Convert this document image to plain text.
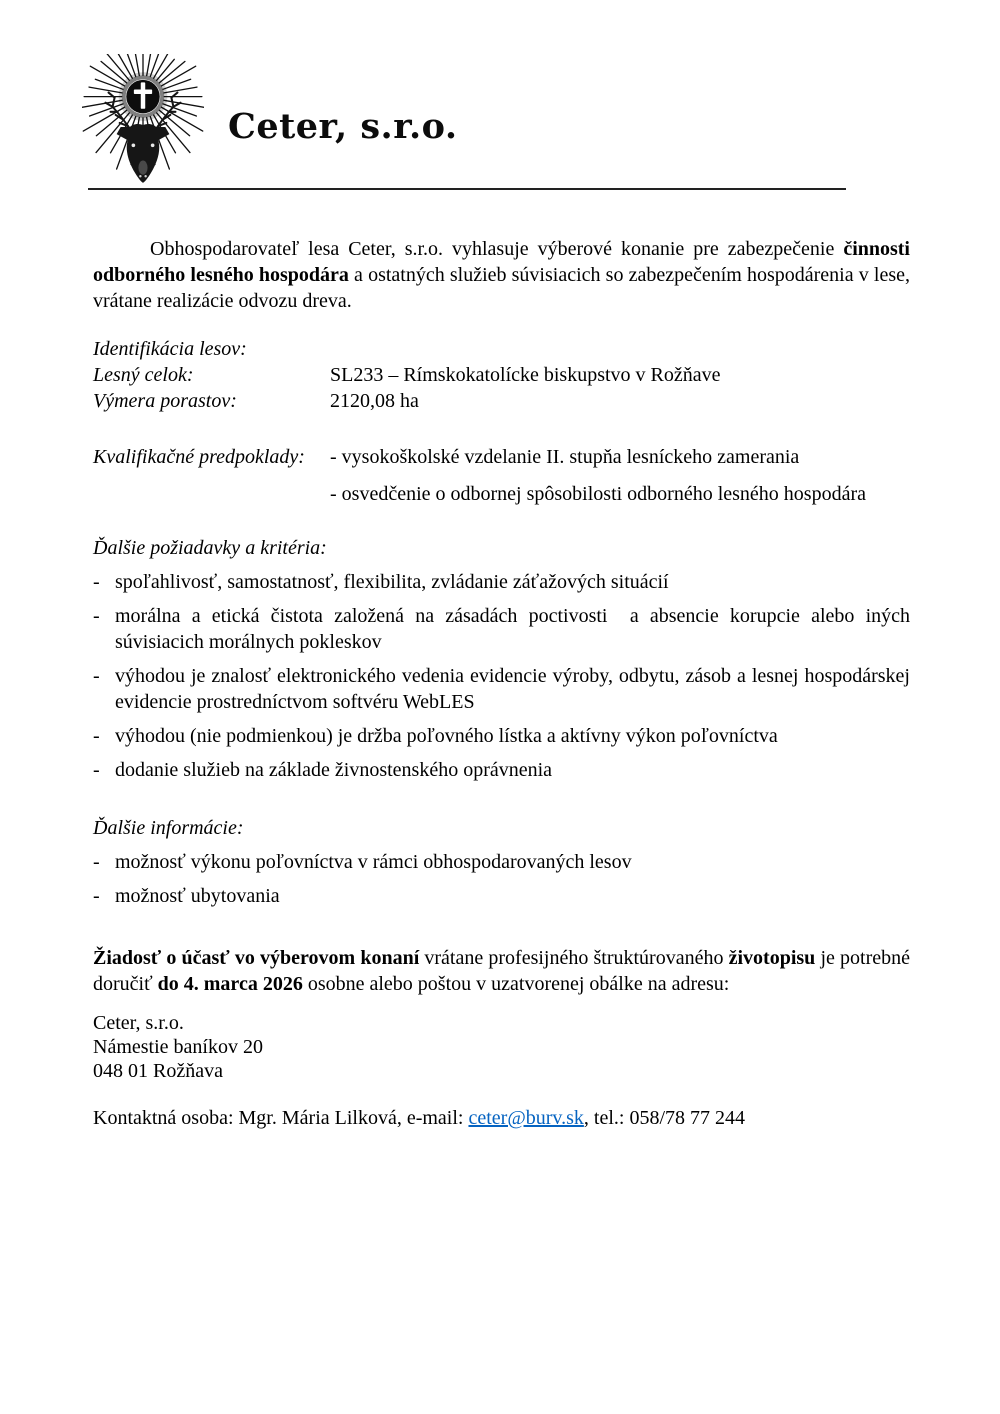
Ceter, s.r.o.

Obhospodarovateľ lesa Ceter, s.r.o. vyhlasuje výberové konanie pre zabezpečenie činnosti odborného lesného hospodára a ostatných služieb súvisiacich so zabezpečením hospodárenia v lese, vrátane realizácie odvozu dreva.

Identifikácia lesov:

Lesný celok:	SL233 – Rímskokatolícke biskupstvo v Rožňave
Výmera porastov:	2120,08 ha
Kvalifikačné predpoklady:	- vysokoškolské vzdelanie II. stupňa lesníckeho zamerania
- osvedčenie o odbornej spôsobilosti odborného lesného hospodára

Ďalšie požiadavky a kritéria:

- spoľahlivosť, samostatnosť, flexibilita, zvládanie záťažových situácií
- morálna a etická čistota založená na zásadách poctivosti  a absencie korupcie alebo iných súvisiacich morálnych pokleskov
- výhodou je znalosť elektronického vedenia evidencie výroby, odbytu, zásob a lesnej hospodárskej evidencie prostredníctvom softvéru WebLES
- výhodou (nie podmienkou) je držba poľovného lístka a aktívny výkon poľovníctva
- dodanie služieb na základe živnostenského oprávnenia

Ďalšie informácie:

- možnosť výkonu poľovníctva v rámci obhospodarovaných lesov
- možnosť ubytovania

Žiadosť o účasť vo výberovom konaní vrátane profesijného štruktúrovaného životopisu je potrebné doručiť do 4. marca 2026 osobne alebo poštou v uzatvorenej obálke na adresu:

Ceter, s.r.o.

Námestie baníkov 20

048 01 Rožňava

Kontaktná osoba: Mgr. Mária Lilková, e-mail: ceter@burv.sk, tel.: 058/78 77 244
